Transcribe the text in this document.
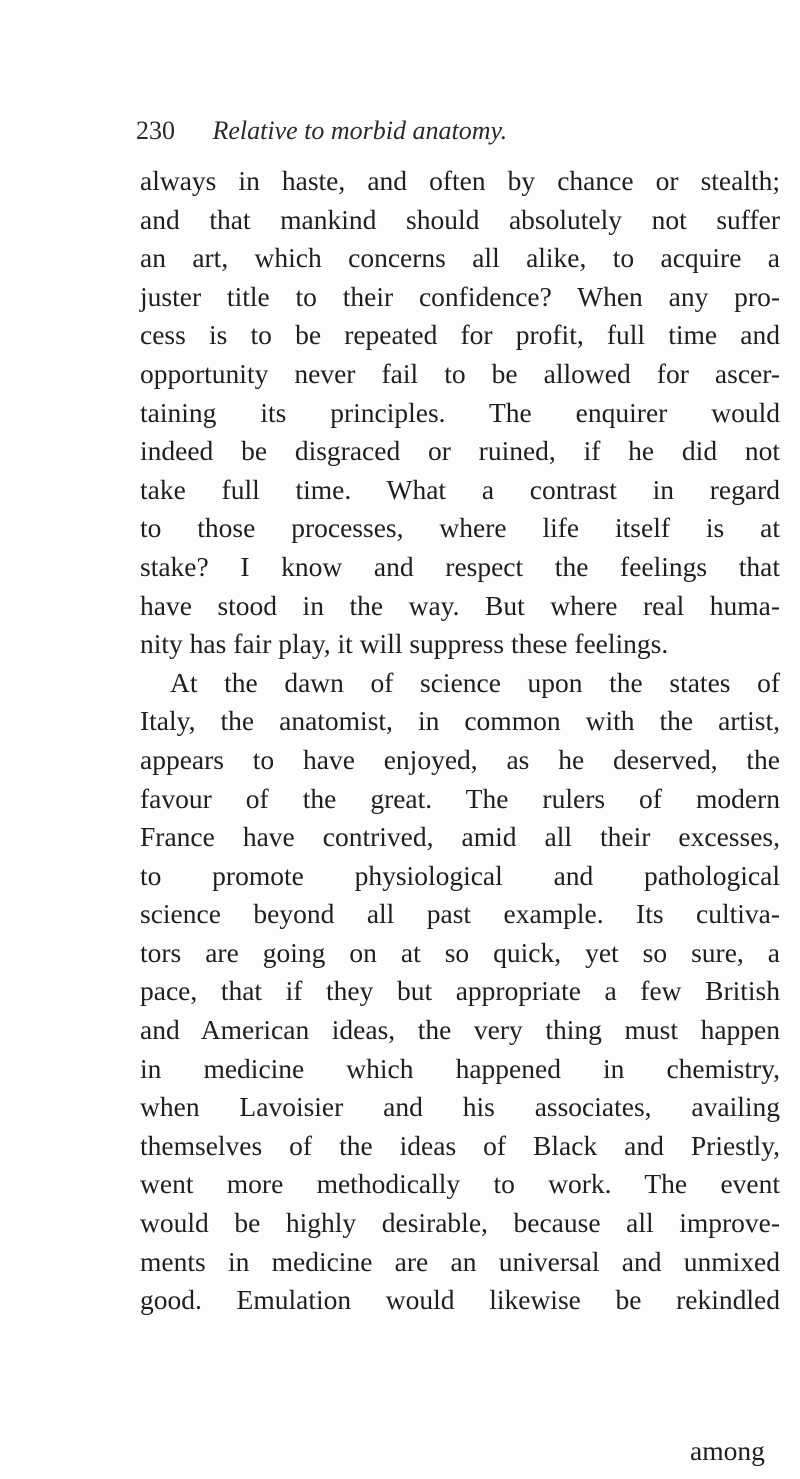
230 Relative to morbid anatomy.
always in haste, and often by chance or stealth;
and that mankind should absolutely not suffer
an art, which concerns all alike, to acquire a
juster title to their confidence? When any pro-
cess is to be repeated for profit, full time and
opportunity never fail to be allowed for ascer-
taining its principles. The enquirer would
indeed be disgraced or ruined, if he did not
take full time. What a contrast in regard
to those processes, where life itself is at
stake? I know and respect the feelings that
have stood in the way. But where real huma-
nity has fair play, it will suppress these feelings.
At the dawn of science upon the states of
Italy, the anatomist, in common with the artist,
appears to have enjoyed, as he deserved, the
favour of the great. The rulers of modern
France have contrived, amid all their excesses,
to promote physiological and pathological
science beyond all past example. Its cultiva-
tors are going on at so quick, yet so sure, a
pace, that if they but appropriate a few British
and American ideas, the very thing must happen
in medicine which happened in chemistry,
when Lavoisier and his associates, availing
themselves of the ideas of Black and Priestly,
went more methodically to work. The event
would be highly desirable, because all improve-
ments in medicine are an universal and unmixed
good. Emulation would likewise be rekindled
among
